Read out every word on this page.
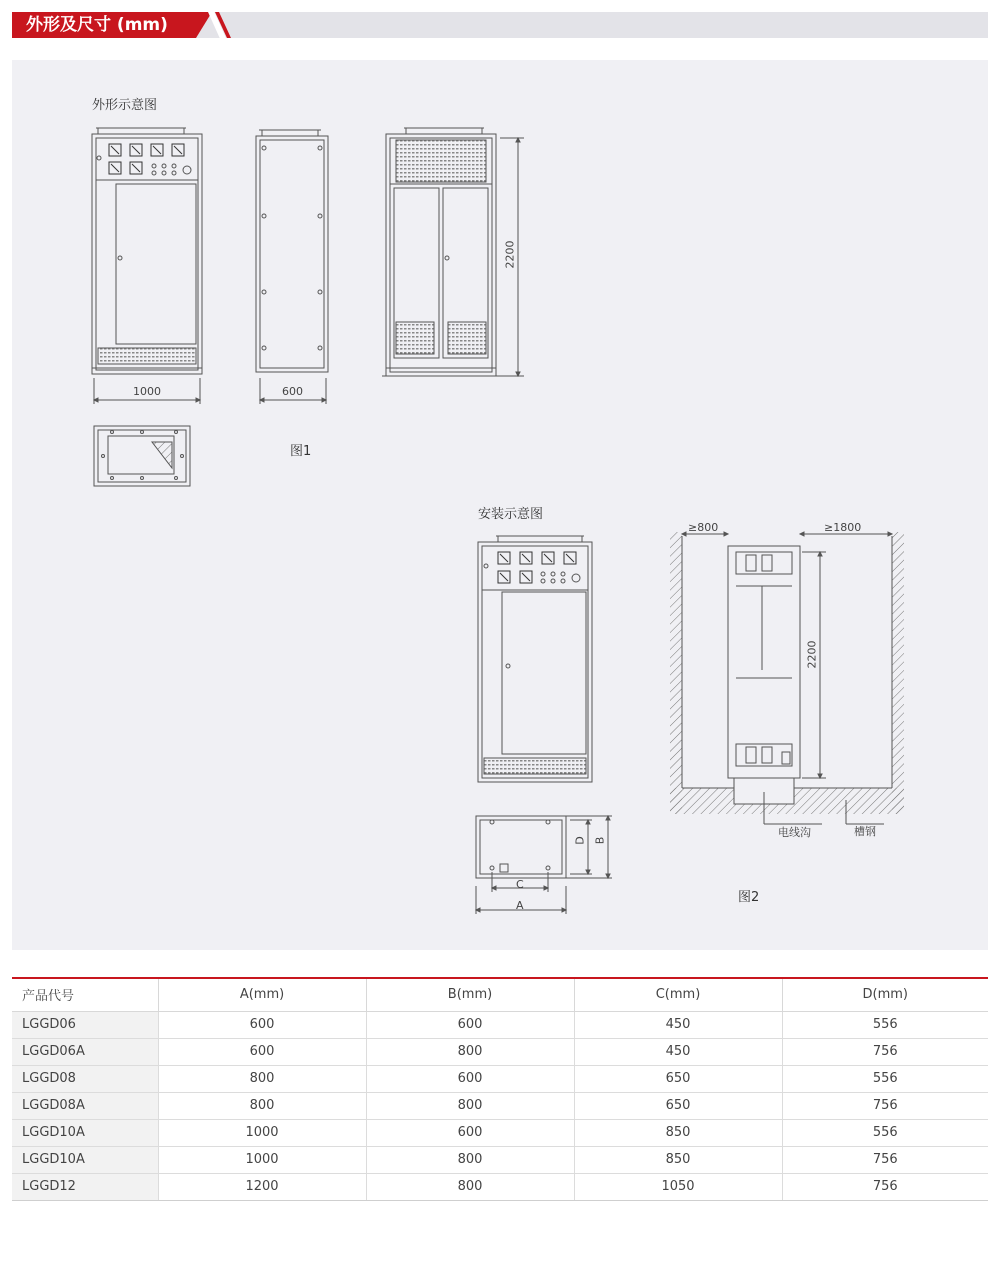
外形及尺寸 (mm)
外形示意图
1000	600
2200
图1
安装示意图
≥800	≥1800
2200
电线沟	槽钢
C
A
D B
图2
产品代号	A(mm)	B(mm)	C(mm)	D(mm)
LGGD06	600	600	450	556
LGGD06A	600	800	450	756
LGGD08	800	600	650	556
LGGD08A	800	800	650	756
LGGD10A	1000	600	850	556
LGGD10A	1000	800	850	756
LGGD12	1200	800	1050	756
